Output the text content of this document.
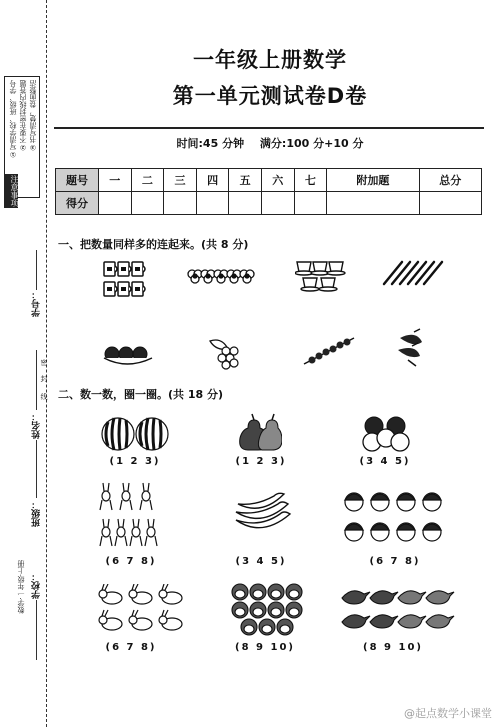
①写清学校、班级、学号 ②不要在密封线内答题 ③书写清楚，卷面整洁
注意事项
学号：
姓名：
班级：
学校：
密
封
线
数学·一年级·上册
一年级上册数学
第一单元测试卷D卷
时间:45 分钟 满分:100 分+10 分
题号	一	二	三	四	五	六	七	附加题	总分
得分									
一、把数量同样多的连起来。(共 8 分)
二、数一数，圈一圈。(共 18 分)
(1 2 3)	(1 2 3)	(3 4 5)
(6 7 8)	(3 4 5)	(6 7 8)
(6 7 8)	(8 9 10)	(8 9 10)
@起点数学小课堂
